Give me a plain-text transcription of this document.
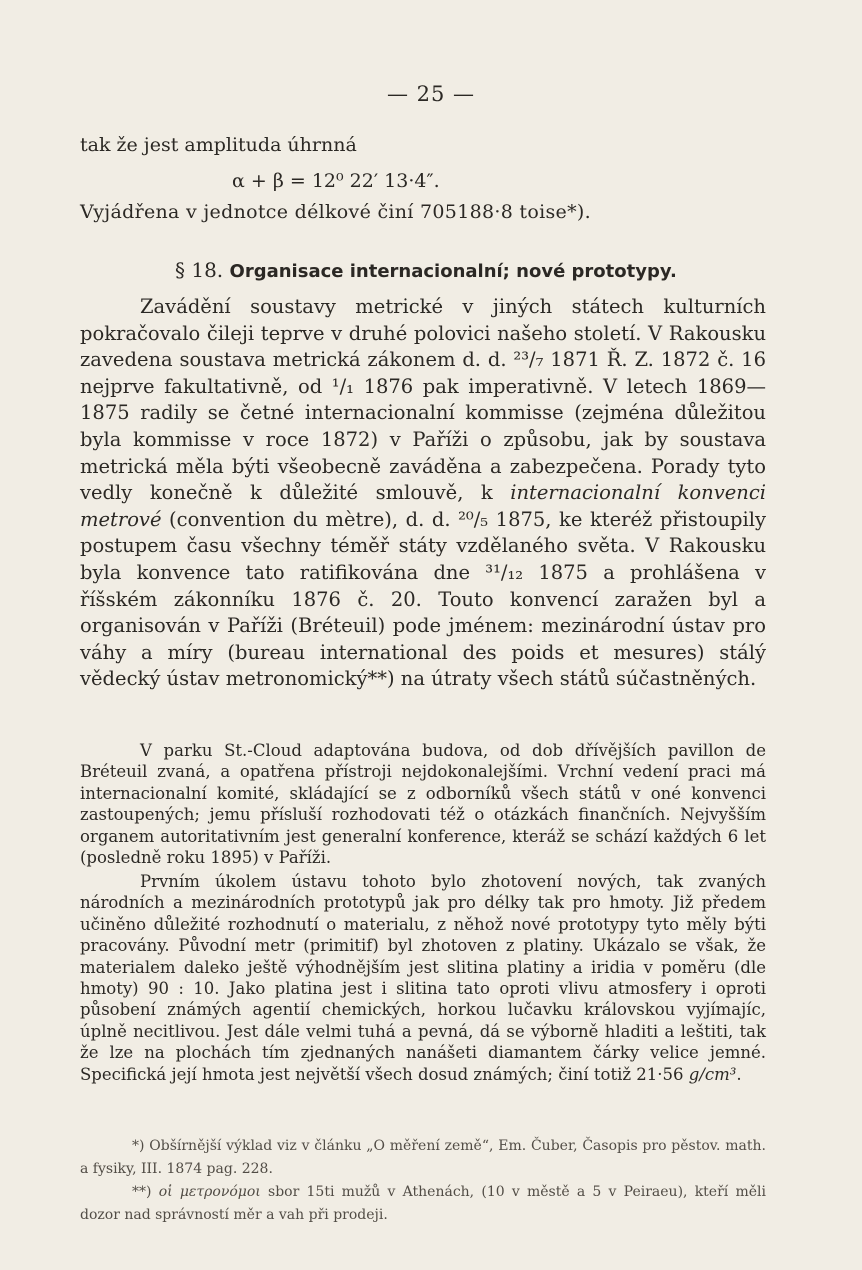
— 25 —
tak že jest amplituda úhrnná
α + β = 12⁰ 22′ 13·4″.
Vyjádřena v jednotce délkové činí 705188·8 toise*).
§ 18. Organisace internacionalní; nové prototypy.
Zavádění soustavy metrické v jiných státech kulturních pokračovalo čileji teprve v druhé polovici našeho století. V Rakousku zavedena soustava metrická zákonem d. d. ²³/₇ 1871 Ř. Z. 1872 č. 16 nejprve fakultativně, od ¹/₁ 1876 pak imperativně. V letech 1869—1875 radily se četné internacionalní kommisse (zejména důležitou byla kommisse v roce 1872) v Paříži o způsobu, jak by soustava metrická měla býti všeobecně zaváděna a zabezpečena. Porady tyto vedly konečně k důležité smlouvě, k internacionalní konvenci metrové (convention du mètre), d. d. ²⁰/₅ 1875, ke kteréž přistoupily postupem času všechny téměř státy vzdělaného světa. V Rakousku byla konvence tato ratifikována dne ³¹/₁₂ 1875 a prohlášena v říšském zákonníku 1876 č. 20. Touto konvencí zaražen byl a organisován v Paříži (Bréteuil) pode jménem: mezinárodní ústav pro váhy a míry (bureau international des poids et mesures) stálý vědecký ústav metronomický**) na útraty všech států súčastněných.
V parku St.-Cloud adaptována budova, od dob dřívějších pavillon de Bréteuil zvaná, a opatřena přístroji nejdokonalejšími. Vrchní vedení praci má internacionalní komité, skládající se z odborníků všech států v oné konvenci zastoupených; jemu přísluší rozhodovati též o otázkách finančních. Nejvyšším organem autoritativním jest generalní konference, kteráž se schází každých 6 let (posledně roku 1895) v Paříži.
Prvním úkolem ústavu tohoto bylo zhotovení nových, tak zvaných národních a mezinárodních prototypů jak pro délky tak pro hmoty. Již předem učiněno důležité rozhodnutí o materialu, z něhož nové prototypy tyto měly býti pracovány. Původní metr (primitif) byl zhotoven z platiny. Ukázalo se však, že materialem daleko ještě výhodnějším jest slitina platiny a iridia v poměru (dle hmoty) 90 : 10. Jako platina jest i slitina tato oproti vlivu atmosfery i oproti působení známých agentií chemických, horkou lučavku královskou vyjímajíc, úplně necitlivou. Jest dále velmi tuhá a pevná, dá se výborně hladiti a leštiti, tak že lze na plochách tím zjednaných nanášeti diamantem čárky velice jemné. Specifická její hmota jest největší všech dosud známých; činí totiž 21·56 g/cm³.
*) Obšírnější výklad viz v článku „O měření země“, Em. Čuber, Časopis pro pěstov. math. a fysiky, III. 1874 pag. 228.
**) οἱ μετρονόμοι sbor 15ti mužů v Athenách, (10 v městě a 5 v Peiraeu), kteří měli dozor nad správností měr a vah při prodeji.
